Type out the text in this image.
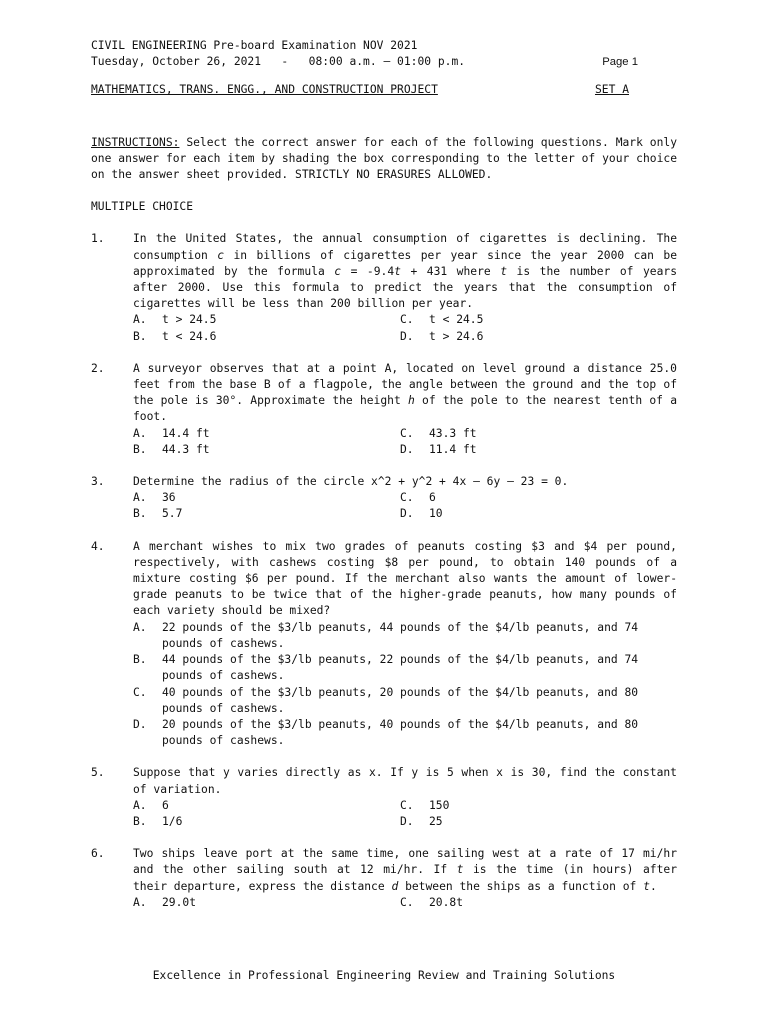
CIVIL ENGINEERING Pre-board Examination NOV 2021
Tuesday, October 26, 2021   -   08:00 a.m. – 01:00 p.m.	Page 1
MATHEMATICS, TRANS. ENGG., AND CONSTRUCTION PROJECT	SET A
INSTRUCTIONS: Select the correct answer for each of the following questions. Mark only one answer for each item by shading the box corresponding to the letter of your choice on the answer sheet provided. STRICTLY NO ERASURES ALLOWED.
MULTIPLE CHOICE
1.	In the United States, the annual consumption of cigarettes is declining. The consumption c in billions of cigarettes per year since the year 2000 can be approximated by the formula c = -9.4t + 431 where t is the number of years after 2000. Use this formula to predict the years that the consumption of cigarettes will be less than 200 billion per year.
A.	t > 24.5	C.	t < 24.5
B.	t < 24.6	D.	t > 24.6
2.	A surveyor observes that at a point A, located on level ground a distance 25.0 feet from the base B of a flagpole, the angle between the ground and the top of the pole is 30°. Approximate the height h of the pole to the nearest tenth of a foot.
A.	14.4 ft	C.	43.3 ft
B.	44.3 ft	D.	11.4 ft
3.	Determine the radius of the circle x^2 + y^2 + 4x – 6y – 23 = 0.
A.	36	C.	6
B.	5.7	D.	10
4.	A merchant wishes to mix two grades of peanuts costing $3 and $4 per pound, respectively, with cashews costing $8 per pound, to obtain 140 pounds of a mixture costing $6 per pound. If the merchant also wants the amount of lower-grade peanuts to be twice that of the higher-grade peanuts, how many pounds of each variety should be mixed?
A.	22 pounds of the $3/lb peanuts, 44 pounds of the $4/lb peanuts, and 74 pounds of cashews.
B.	44 pounds of the $3/lb peanuts, 22 pounds of the $4/lb peanuts, and 74 pounds of cashews.
C.	40 pounds of the $3/lb peanuts, 20 pounds of the $4/lb peanuts, and 80 pounds of cashews.
D.	20 pounds of the $3/lb peanuts, 40 pounds of the $4/lb peanuts, and 80 pounds of cashews.
5.	Suppose that y varies directly as x. If y is 5 when x is 30, find the constant of variation.
A.	6	C.	150
B.	1/6	D.	25
6.	Two ships leave port at the same time, one sailing west at a rate of 17 mi/hr and the other sailing south at 12 mi/hr. If t is the time (in hours) after their departure, express the distance d between the ships as a function of t.
A.	29.0t	C.	20.8t
Excellence in Professional Engineering Review and Training Solutions
